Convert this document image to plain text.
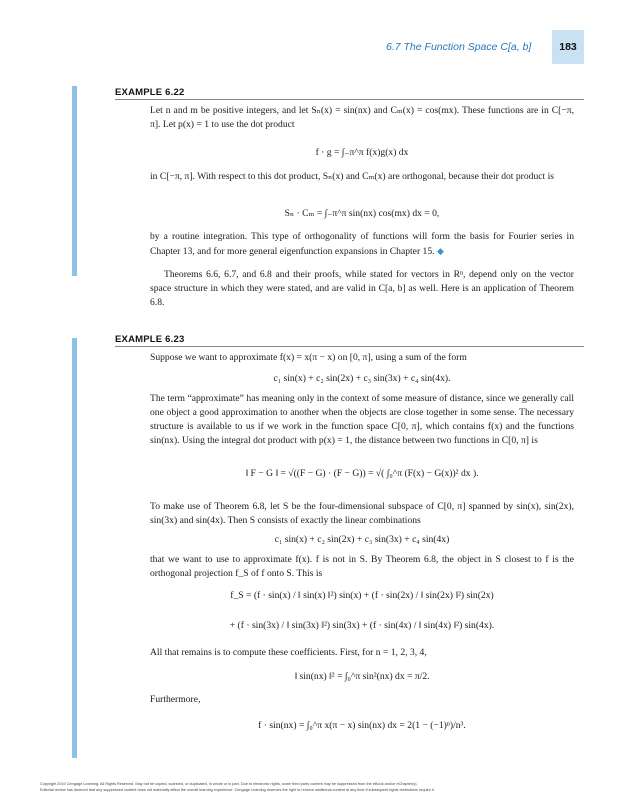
6.7 The Function Space C[a, b]	183
EXAMPLE 6.22

Let n and m be positive integers, and let Sₙ(x) = sin(nx) and Cₘ(x) = cos(mx). These functions are in C[−π, π]. Let p(x) = 1 to use the dot product

f · g = ∫₋π^π f(x)g(x) dx

in C[−π, π]. With respect to this dot product, Sₙ(x) and Cₘ(x) are orthogonal, because their dot product is

Sₙ · Cₘ = ∫₋π^π sin(nx) cos(mx) dx = 0,

by a routine integration. This type of orthogonality of functions will form the basis for Fourier series in Chapter 13, and for more general eigenfunction expansions in Chapter 15. ◆

Theorems 6.6, 6.7, and 6.8 and their proofs, while stated for vectors in Rⁿ, depend only on the vector space structure in which they were stated, and are valid in C[a, b] as well. Here is an application of Theorem 6.8.

EXAMPLE 6.23

Suppose we want to approximate f(x) = x(π − x) on [0, π], using a sum of the form

c₁ sin(x) + c₂ sin(2x) + c₃ sin(3x) + c₄ sin(4x).

The term “approximate” has meaning only in the context of some measure of distance, since we generally call one object a good approximation to another when the objects are close together in some sense. The necessary structure is available to us if we work in the function space C[0, π], which contains f(x) and the functions sin(nx). Using the integral dot product with p(x) = 1, the distance between two functions in C[0, π] is

‖ F − G ‖ = √((F − G) · (F − G)) = √( ∫₀^π (F(x) − G(x))² dx ).

To make use of Theorem 6.8, let S be the four-dimensional subspace of C[0, π] spanned by sin(x), sin(2x), sin(3x) and sin(4x). Then S consists of exactly the linear combinations

c₁ sin(x) + c₂ sin(2x) + c₃ sin(3x) + c₄ sin(4x)

that we want to use to approximate f(x). f is not in S. By Theorem 6.8, the object in S closest to f is the orthogonal projection f_S of f onto S. This is

f_S = (f · sin(x) / ‖ sin(x) ‖²) sin(x) + (f · sin(2x) / ‖ sin(2x) ‖²) sin(2x)
+ (f · sin(3x) / ‖ sin(3x) ‖²) sin(3x) + (f · sin(4x) / ‖ sin(4x) ‖²) sin(4x).

All that remains is to compute these coefficients. First, for n = 1, 2, 3, 4,

‖ sin(nx) ‖² = ∫₀^π sin²(nx) dx = π/2.

Furthermore,

f · sin(nx) = ∫₀^π x(π − x) sin(nx) dx = 2(1 − (−1)ⁿ)/n³.
Copyright 2010 Cengage Learning. All Rights Reserved. May not be copied, scanned, or duplicated, in whole or in part. Due to electronic rights, some third party content may be suppressed from the eBook and/or eChapter(s).
Editorial review has deemed that any suppressed content does not materially affect the overall learning experience. Cengage Learning reserves the right to remove additional content at any time if subsequent rights restrictions require it.
